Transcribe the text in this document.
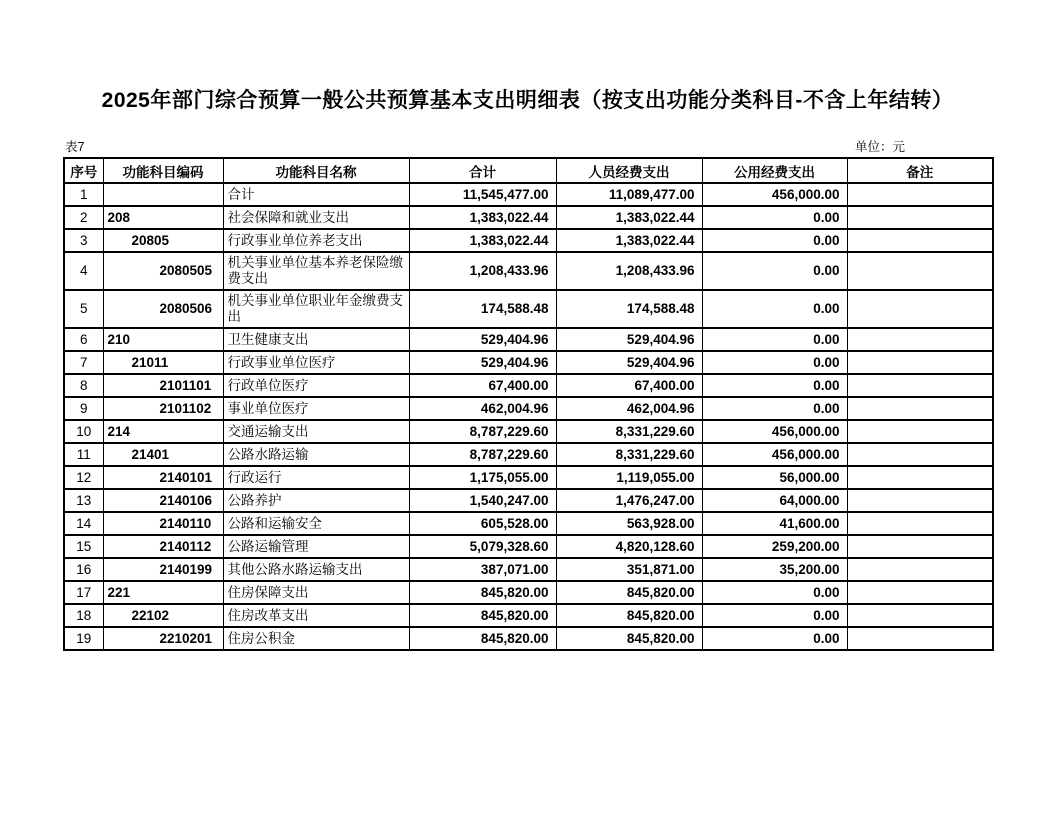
2025年部门综合预算一般公共预算基本支出明细表（按支出功能分类科目-不含上年结转）
表7	单位：元
序号	功能科目编码	功能科目名称	合计	人员经费支出	公用经费支出	备注
1		合计	11,545,477.00	11,089,477.00	456,000.00	
2	208	社会保障和就业支出	1,383,022.44	1,383,022.44	0.00	
3	20805	行政事业单位养老支出	1,383,022.44	1,383,022.44	0.00	
4	2080505	机关事业单位基本养老保险缴费支出	1,208,433.96	1,208,433.96	0.00	
5	2080506	机关事业单位职业年金缴费支出	174,588.48	174,588.48	0.00	
6	210	卫生健康支出	529,404.96	529,404.96	0.00	
7	21011	行政事业单位医疗	529,404.96	529,404.96	0.00	
8	2101101	行政单位医疗	67,400.00	67,400.00	0.00	
9	2101102	事业单位医疗	462,004.96	462,004.96	0.00	
10	214	交通运输支出	8,787,229.60	8,331,229.60	456,000.00	
11	21401	公路水路运输	8,787,229.60	8,331,229.60	456,000.00	
12	2140101	行政运行	1,175,055.00	1,119,055.00	56,000.00	
13	2140106	公路养护	1,540,247.00	1,476,247.00	64,000.00	
14	2140110	公路和运输安全	605,528.00	563,928.00	41,600.00	
15	2140112	公路运输管理	5,079,328.60	4,820,128.60	259,200.00	
16	2140199	其他公路水路运输支出	387,071.00	351,871.00	35,200.00	
17	221	住房保障支出	845,820.00	845,820.00	0.00	
18	22102	住房改革支出	845,820.00	845,820.00	0.00	
19	2210201	住房公积金	845,820.00	845,820.00	0.00	
